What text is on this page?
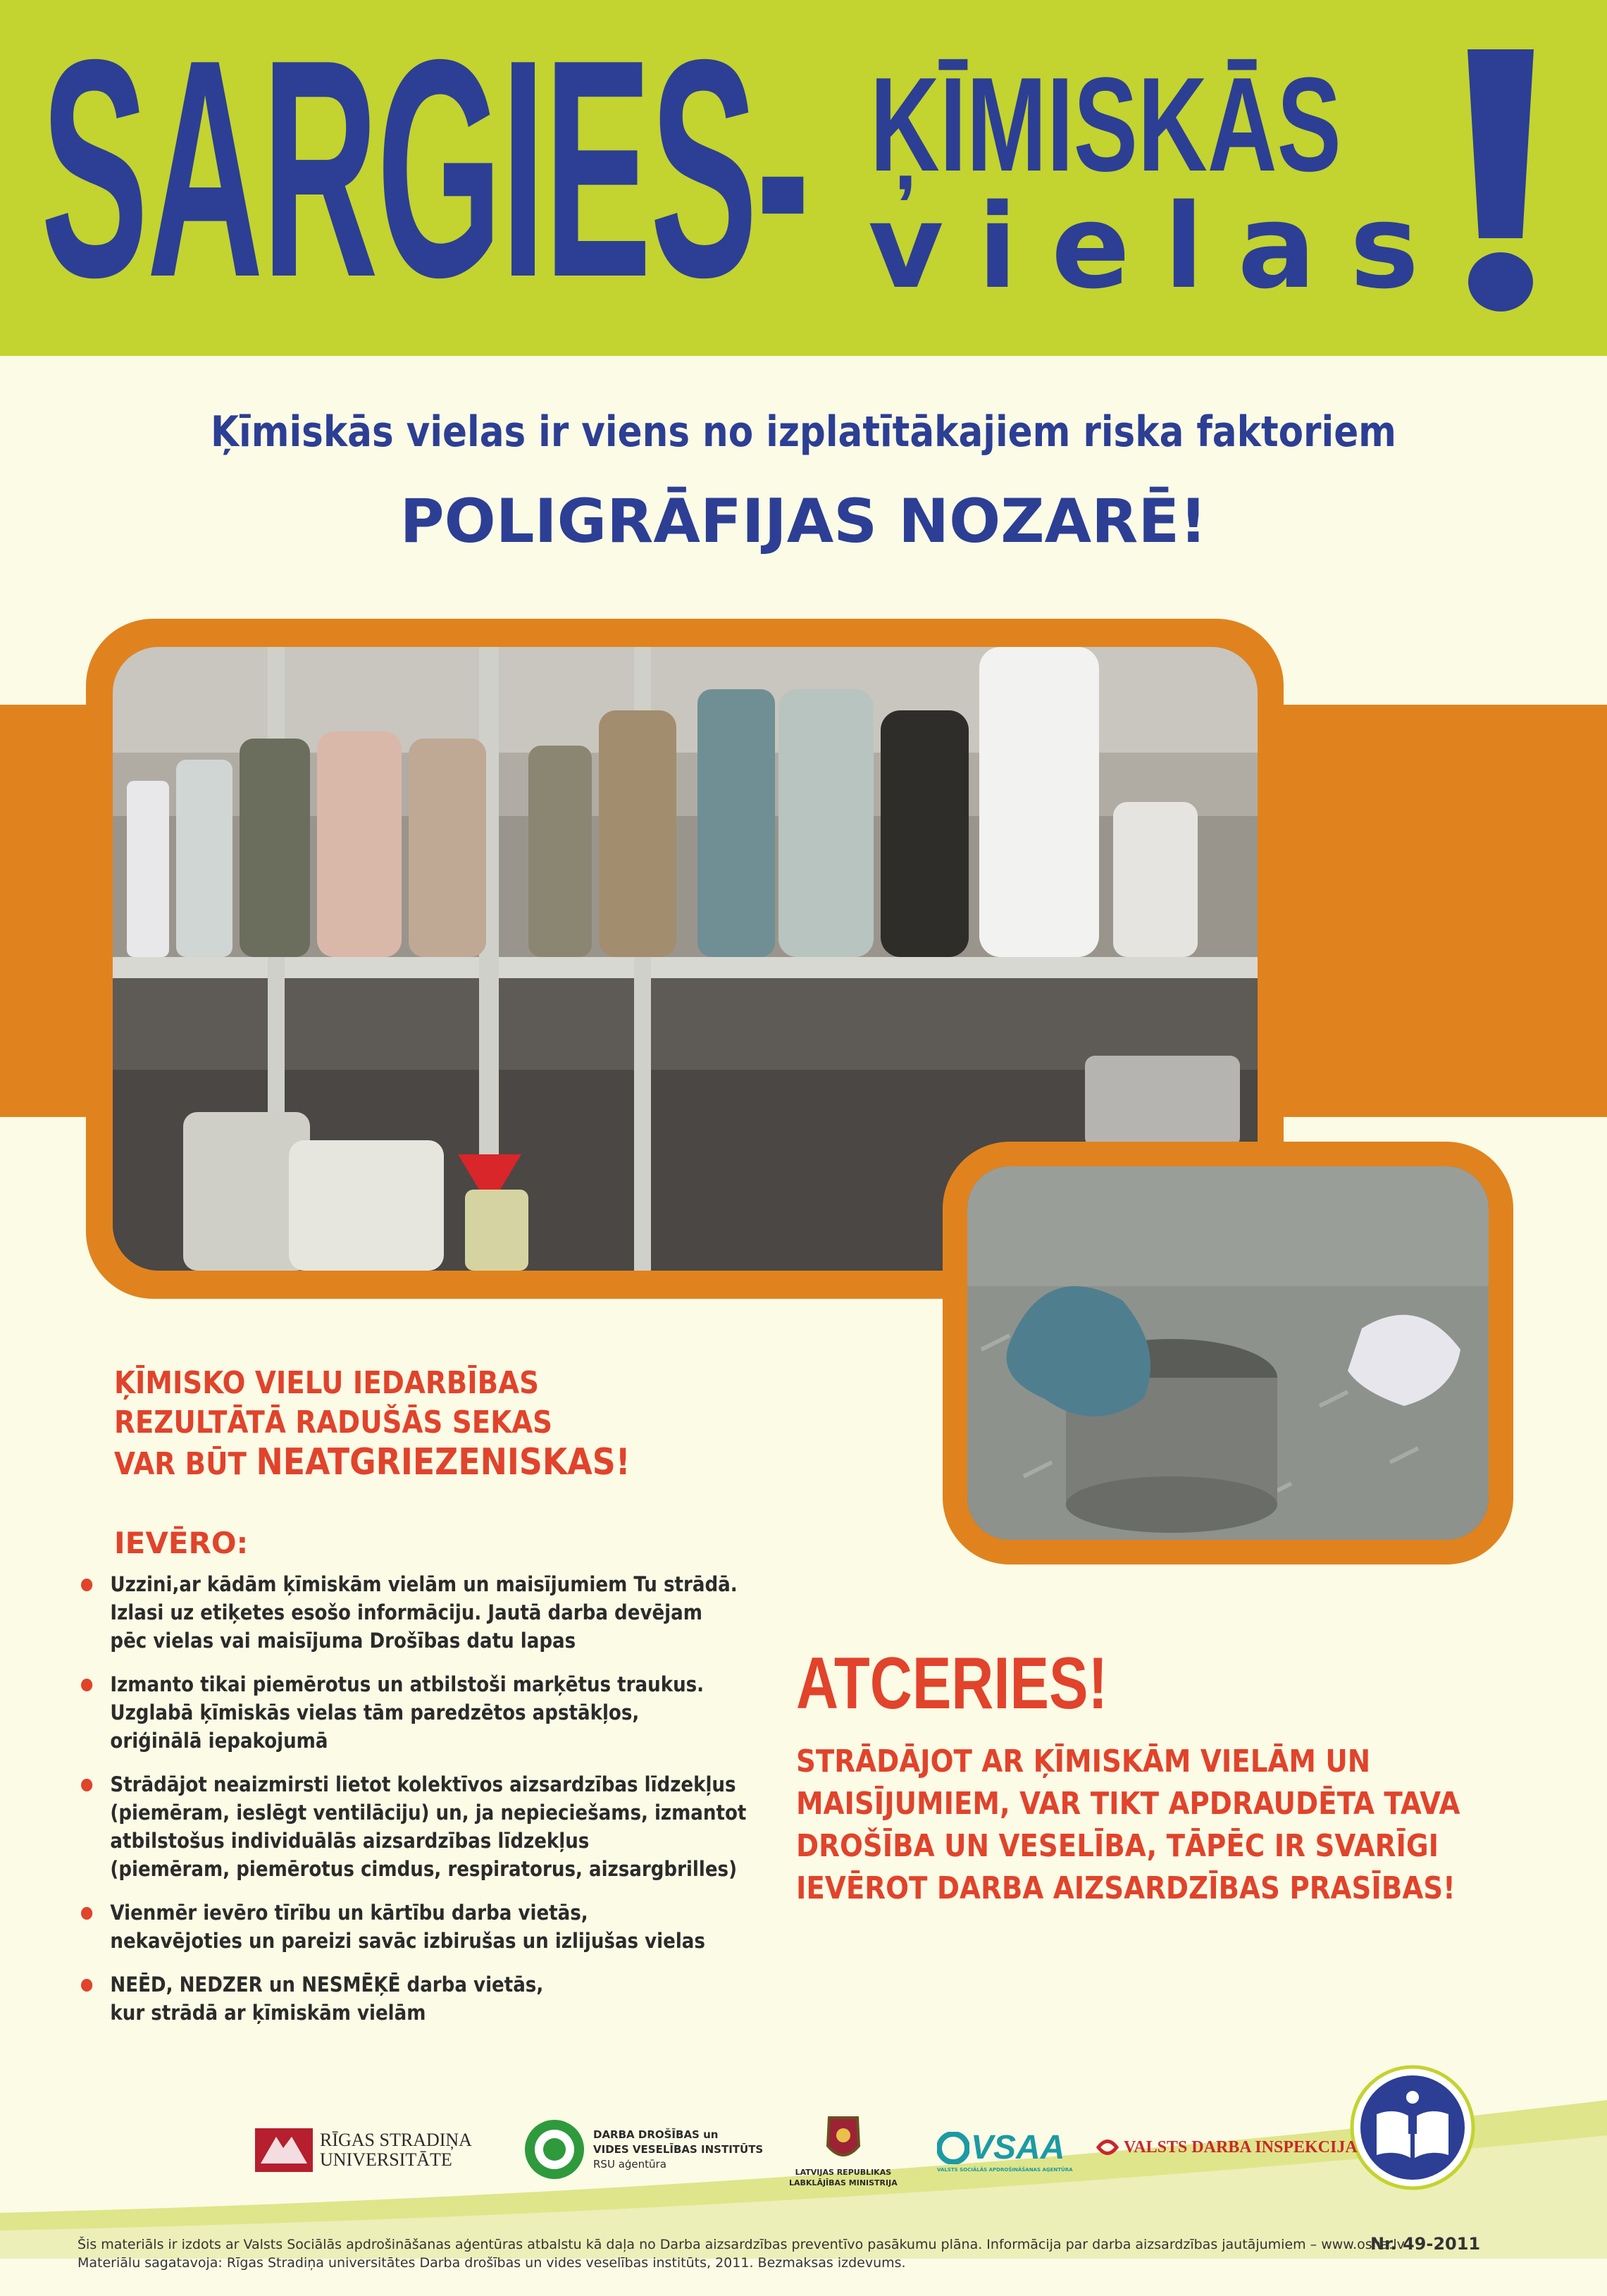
SARGIES- ĶĪMISKĀS
vielas
Ķīmiskās vielas ir viens no izplatītākajiem riska faktoriem
POLIGRĀFIJAS NOZARĒ!
ĶĪMISKO VIELU IEDARBĪBAS
REZULTĀTĀ RADUŠĀS SEKAS
VAR BŪT NEATGRIEZENISKAS!
IEVĒRO:
Uzzini,ar kādām ķīmiskām vielām un maisījumiem Tu strādā.
Izlasi uz etiķetes esošo informāciju. Jautā darba devējam
pēc vielas vai maisījuma Drošības datu lapas
Izmanto tikai piemērotus un atbilstoši marķētus traukus.
Uzglabā ķīmiskās vielas tām paredzētos apstākļos,
oriģinālā iepakojumā
Strādājot neaizmirsti lietot kolektīvos aizsardzības līdzekļus
(piemēram, ieslēgt ventilāciju) un, ja nepieciešams, izmantot
atbilstošus individuālās aizsardzības līdzekļus
(piemēram, piemērotus cimdus, respiratorus, aizsargbrilles)
Vienmēr ievēro tīrību un kārtību darba vietās,
nekavējoties un pareizi savāc izbirušas un izlijušas vielas
NEĒD, NEDZER un NESMĒĶĒ darba vietās,
kur strādā ar ķīmiskām vielām
ATCERIES!
STRĀDĀJOT AR ĶĪMISKĀM VIELĀM UN
MAISĪJUMIEM, VAR TIKT APDRAUDĒTA TAVA
DROŠĪBA UN VESELĪBA, TĀPĒC IR SVARĪGI
IEVĒROT DARBA AIZSARDZĪBAS PRASĪBAS!
RĪGAS STRADIŅA
UNIVERSITĀTE
DARBA DROŠĪBAS un
VIDES VESELĪBAS INSTITŪTS
RSU aģentūra
LATVIJAS REPUBLIKAS
LABKLĀJĪBAS MINISTRIJA
VSAA
VALSTS SOCIĀLĀS APDROŠINĀŠANAS AĢENTŪRA
VALSTS DARBA INSPEKCIJA
Šis materiāls ir izdots ar Valsts Sociālās apdrošināšanas aģentūras atbalstu kā daļa no Darba aizsardzības preventīvo pasākumu plāna. Informācija par darba aizsardzības jautājumiem – www.osha.lv
Materiālu sagatavoja: Rīgas Stradiņa universitātes Darba drošības un vides veselības institūts, 2011. Bezmaksas izdevums.
Nr. 49-2011
